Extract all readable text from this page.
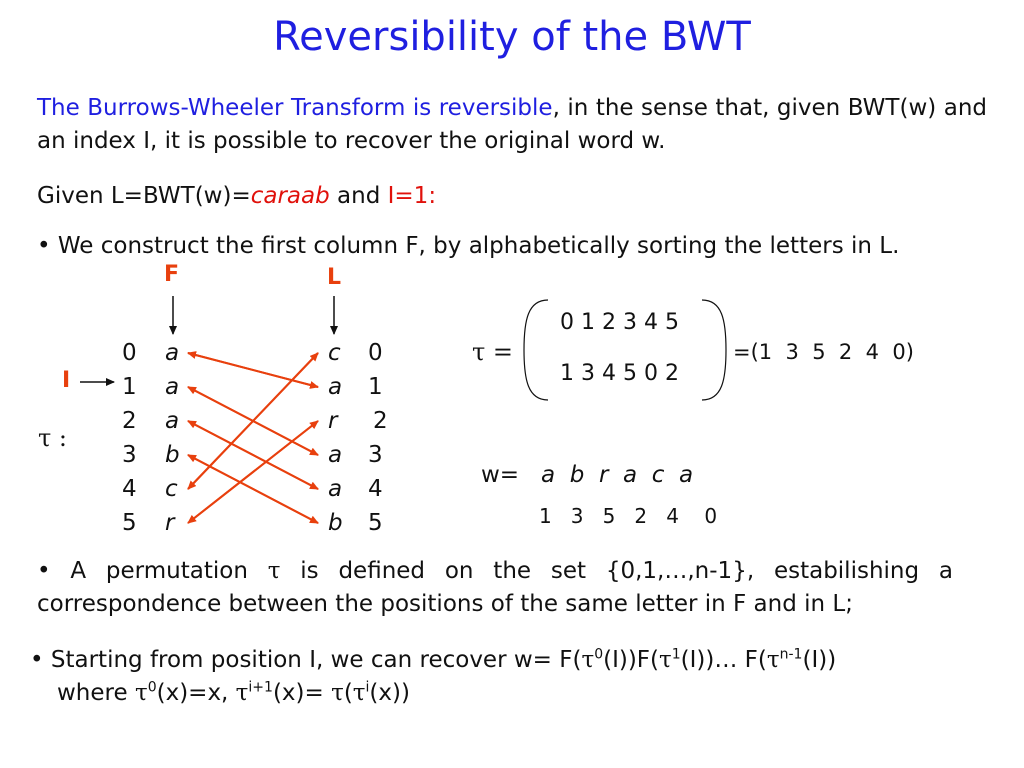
Reversibility of the BWT
The Burrows-Wheeler Transform is reversible, in the sense that, given BWT(w) and an index I, it is possible to recover the original word w.
Given L=BWT(w)=caraab and I=1:
• We construct the first column F, by alphabetically sorting the letters in L.
F	L
0
1
2
3
4
5
a
a
a
b
c
r
c
a
r
a
a
b
0
1
2
3
4
5
I
τ :
τ =
0 1 2 3 4 5
1 3 4 5 0 2
=(1  3  5  2  4  0)
w= a  b  r  a  c  a
1   3   5   2   4    0
• A permutation τ is defined on the set {0,1,…,n-1}, estabilishing a correspondence between the positions of the same letter in F and in L;
• Starting from position I, we can recover $w= F(\tau^0(I))F(\tau^1(I))\dots$ $F(\tau^{n-1}(I))$
where $\tau^0(x)=x$, $\tau^{i+1}(x)= \tau(\tau^i(x))$
